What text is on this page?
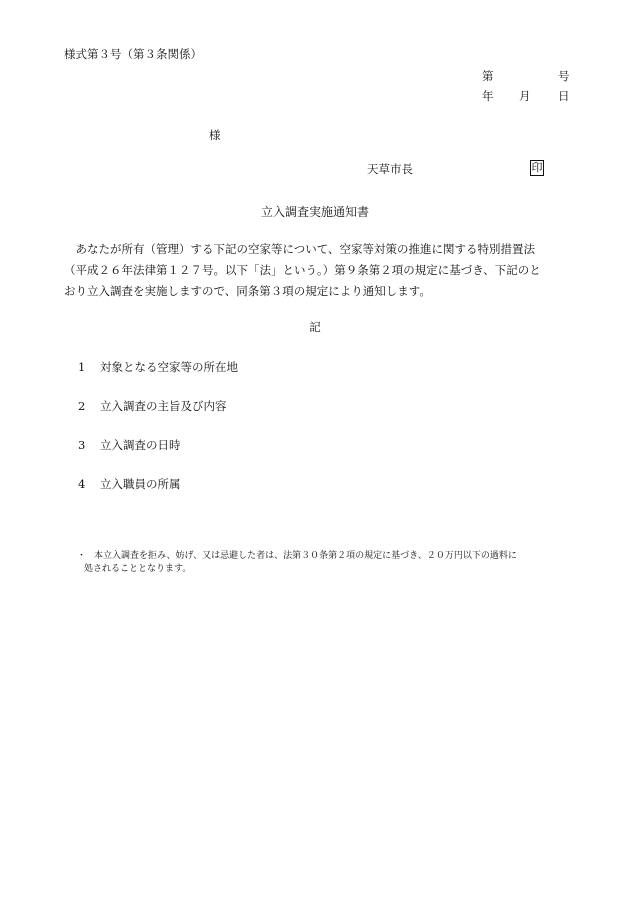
様式第３号（第３条関係）
第	号
年 月 日
様
天草市長	印
立入調査実施通知書
　あなたが所有（管理）する下記の空家等について、空家等対策の推進に関する特別措置法
（平成２６年法律第１２７号。以下「法」という。）第９条第２項の規定に基づき、下記のと
おり立入調査を実施しますので、同条第３項の規定により通知します。
記
1 対象となる空家等の所在地
2 立入調査の主旨及び内容
3 立入調査の日時
4 立入職員の所属
・ 本立入調査を拒み、妨げ、又は忌避した者は、法第３０条第２項の規定に基づき、２０万円以下の過料に
処されることとなります。
